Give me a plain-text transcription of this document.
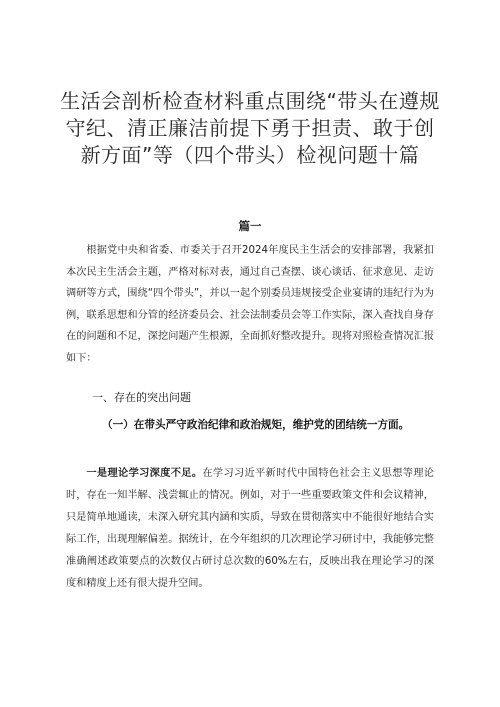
生活会剖析检查材料重点围绕“带头在遵规守纪、清正廉洁前提下勇于担责、敢于创新方面”等（四个带头）检视问题十篇
篇一
根据党中央和省委、市委关于召开2024年度民主生活会的安排部署，我紧扣本次民主生活会主题，严格对标对表，通过自己查摆、谈心谈话、征求意见、走访调研等方式，围绕“四个带头”，并以一起个别委员违规接受企业宴请的违纪行为为例，联系思想和分管的经济委员会、社会法制委员会等工作实际，深入查找自身存在的问题和不足，深挖问题产生根源，全面抓好整改提升。现将对照检查情况汇报如下：
一、存在的突出问题
（一）在带头严守政治纪律和政治规矩，维护党的团结统一方面。
一是理论学习深度不足。在学习习近平新时代中国特色社会主义思想等理论时，存在一知半解、浅尝辄止的情况。例如，对于一些重要政策文件和会议精神，只是简单地通读，未深入研究其内涵和实质，导致在贯彻落实中不能很好地结合实际工作，出现理解偏差。据统计，在今年组织的几次理论学习研讨中，我能够完整准确阐述政策要点的次数仅占研讨总次数的60%左右，反映出我在理论学习的深度和精度上还有很大提升空间。
